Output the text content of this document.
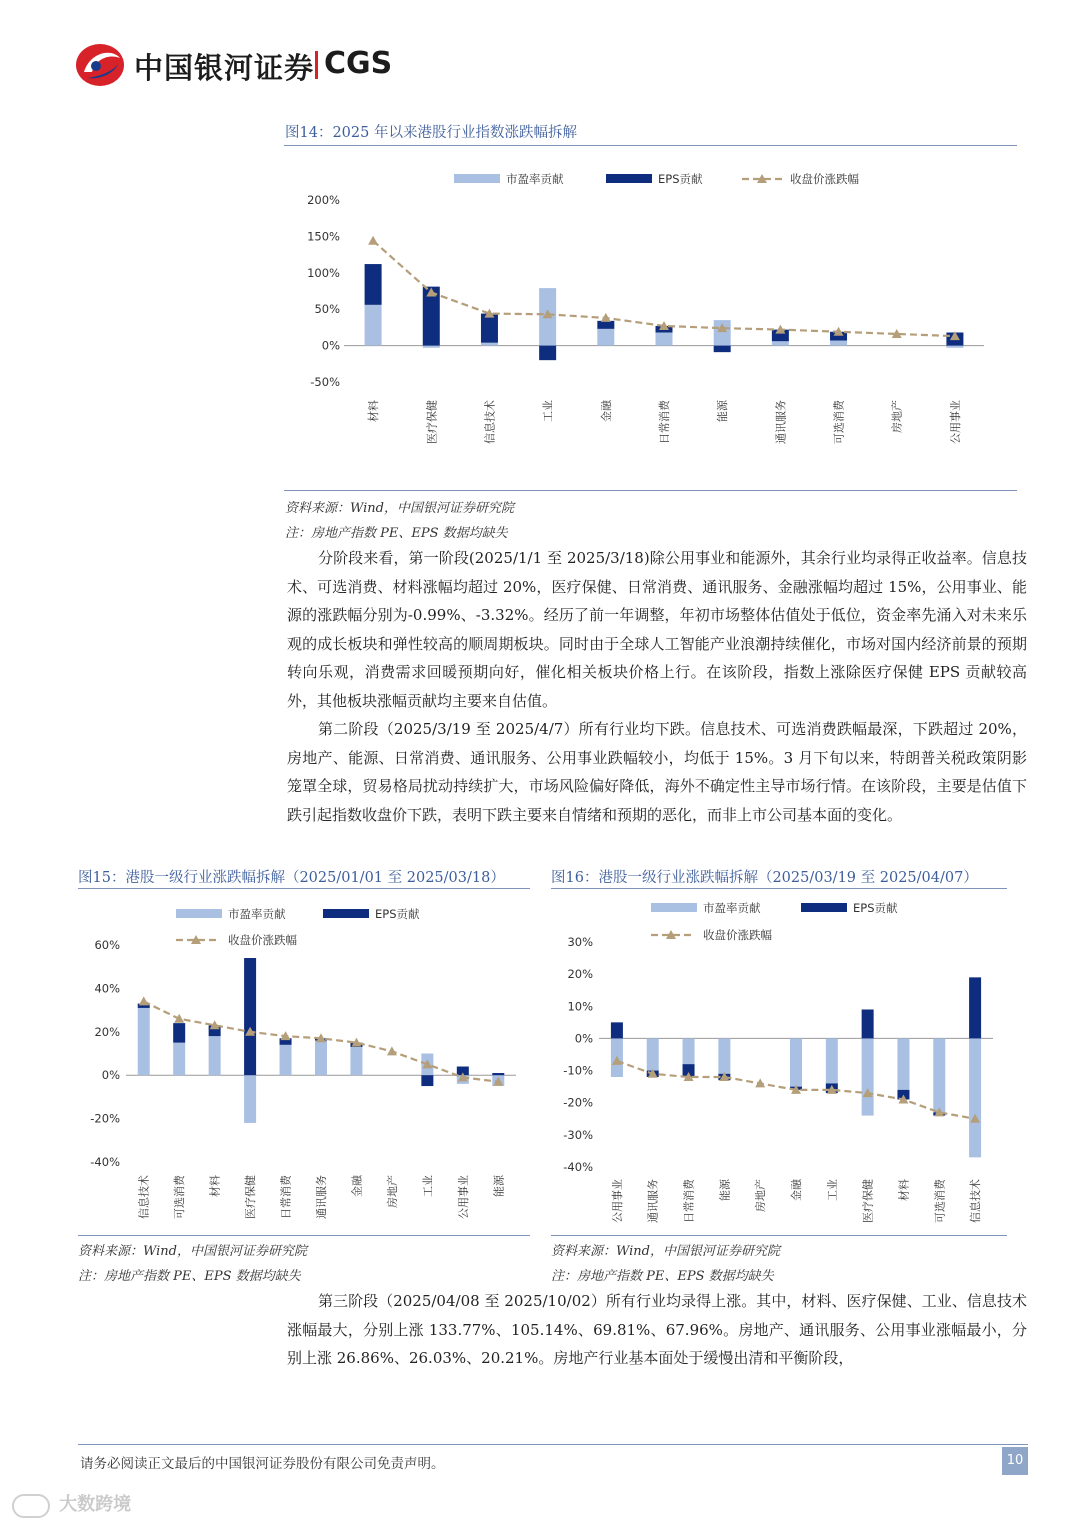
中国银河证券 CGS
图14：2025 年以来港股行业指数涨跌幅拆解
200%
150%
100%
50%
0%
-50%
材料	医疗保健	信息技术	工业	金融	日常消费	能源	通讯服务	可选消费	房地产	公用事业
市盈率贡献	EPS贡献	收盘价涨跌幅
资料来源：Wind，中国银河证券研究院
注：房地产指数 PE、EPS 数据均缺失

分阶段来看，第一阶段(2025/1/1 至 2025/3/18)除公用事业和能源外，其余行业均录得正收益率。信息技术、可选消费、材料涨幅均超过 20%，医疗保健、日常消费、通讯服务、金融涨幅均超过 15%，公用事业、能源的涨跌幅分别为-0.99%、-3.32%。经历了前一年调整，年初市场整体估值处于低位，资金率先涌入对未来乐观的成长板块和弹性较高的顺周期板块。同时由于全球人工智能产业浪潮持续催化，市场对国内经济前景的预期转向乐观，消费需求回暖预期向好，催化相关板块价格上行。在该阶段，指数上涨除医疗保健 EPS 贡献较高外，其他板块涨幅贡献均主要来自估值。

第二阶段（2025/3/19 至 2025/4/7）所有行业均下跌。信息技术、可选消费跌幅最深，下跌超过 20%，房地产、能源、日常消费、通讯服务、公用事业跌幅较小，均低于 15%。3 月下旬以来，特朗普关税政策阴影笼罩全球，贸易格局扰动持续扩大，市场风险偏好降低，海外不确定性主导市场行情。在该阶段，主要是估值下跌引起指数收盘价下跌，表明下跌主要来自情绪和预期的恶化，而非上市公司基本面的变化。

图15：港股一级行业涨跌幅拆解（2025/01/01 至 2025/03/18）
60%
40%
20%
0%
-20%
-40%
信息技术 可选消费 材料 医疗保健 日常消费 通讯服务 金融 房地产 工业 公用事业 能源
市盈率贡献	EPS贡献
收盘价涨跌幅
资料来源：Wind，中国银河证券研究院
注：房地产指数 PE、EPS 数据均缺失
图16：港股一级行业涨跌幅拆解（2025/03/19 至 2025/04/07）
30%
20%
10%
0%
-10%
-20%
-30%
-40%
公用事业 通讯服务 日常消费 能源 房地产 金融 工业 医疗保健 材料 可选消费 信息技术
市盈率贡献	EPS贡献
收盘价涨跌幅
资料来源：Wind，中国银河证券研究院
注：房地产指数 PE、EPS 数据均缺失

第三阶段（2025/04/08 至 2025/10/02）所有行业均录得上涨。其中，材料、医疗保健、工业、信息技术涨幅最大，分别上涨 133.77%、105.14%、69.81%、67.96%。房地产、通讯服务、公用事业涨幅最小，分别上涨 26.86%、26.03%、20.21%。房地产行业基本面处于缓慢出清和平衡阶段，

请务必阅读正文最后的中国银河证券股份有限公司免责声明。	10
大数跨境
